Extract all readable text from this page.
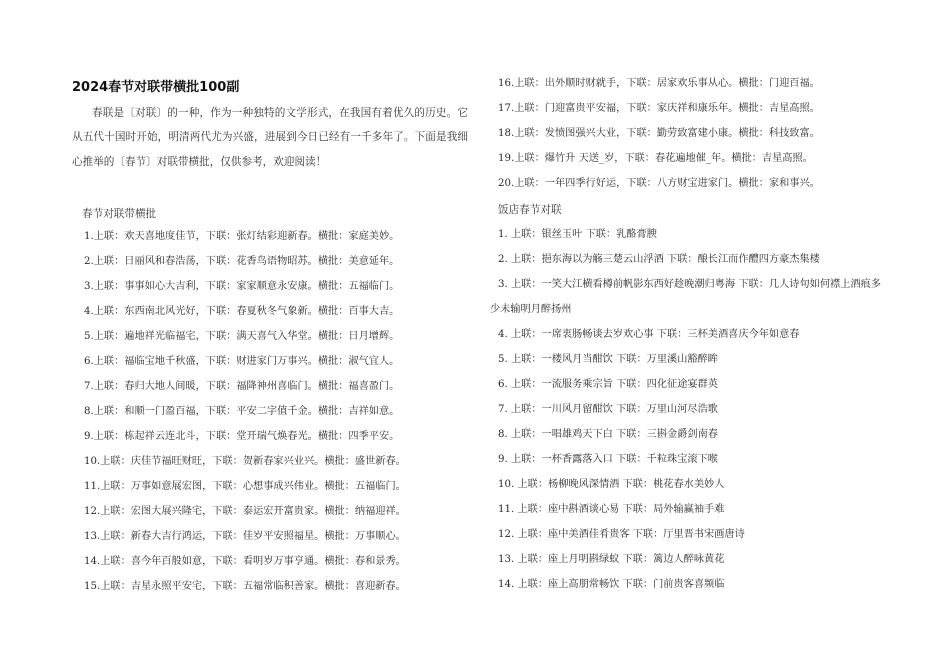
2024春节对联带横批100副
春联是〔对联〕的一种，作为一种独特的文学形式，在我国有着优久的历史。它从五代十国时开始，明清两代尤为兴盛，进展到今日已经有一千多年了。下面是我细心推举的〔春节〕对联带横批，仅供参考，欢迎阅读！
春节对联带横批
1.上联：欢天喜地度佳节，下联：张灯结彩迎新春。横批：家庭美妙。
2.上联：日丽风和春浩荡，下联：花香鸟语物昭苏。横批：美意延年。
3.上联：事事如心大吉利，下联：家家顺意永安康。横批：五福临门。
4.上联：东西南北风光好，下联：春夏秋冬气象新。横批：百事大吉。
5.上联：遍地祥光临福宅，下联：满天喜气入华堂。横批：日月增辉。
6.上联：福临宝地千秋盛，下联：财进家门万事兴。横批：淑气宜人。
7.上联：春归大地人间暖，下联：福降神州喜临门。横批：福喜盈门。
8.上联：和顺一门盈百福，下联：平安二字值千金。横批：吉祥如意。
9.上联：栋起祥云连北斗，下联：堂开瑞气焕春光。横批：四季平安。
10.上联：庆佳节福旺财旺，下联：贺新春家兴业兴。横批：盛世新春。
11.上联：万事如意展宏图，下联：心想事成兴伟业。横批：五福临门。
12.上联：宏图大展兴隆宅，下联：泰运宏开富贵家。横批：纳福迎祥。
13.上联：新春大吉行鸿运，下联：佳岁平安照福星。横批：万事顺心。
14.上联：喜今年百般如意，下联：看明岁万事亨通。横批：春和景秀。
15.上联：吉星永照平安宅，下联：五福常临积善家。横批：喜迎新春。
16.上联：出外顺时财就手，下联：居家欢乐事从心。横批：门迎百福。
17.上联：门迎富贵平安福，下联：家庆祥和康乐年。横批：吉星高照。
18.上联：发愤图强兴大业，下联：勤劳致富建小康。横批：科技致富。
19.上联：爆竹升 天送_岁，下联：春花遍地催_年。横批：吉星高照。
20.上联：一年四季行好运，下联：八方财宝进家门。横批：家和事兴。
饭店春节对联
1. 上联：银丝玉叶 下联：乳酪膏腴
2. 上联：挹东海以为觞三楚云山浮酒 下联：酿长江而作醴四方豪杰集楼
3. 上联：一笑大江横看樽前帆影东西好趁晚潮归粤海 下联：几人诗句如何襟上酒痕多少未输明月醉扬州
4. 上联：一席衷肠畅谈去岁欢心事 下联：三杯美酒喜庆今年如意春
5. 上联：一楼风月当酣饮 下联：万里溪山豁醉眸
6. 上联：一流服务乘宗旨 下联：四化征途宴群英
7. 上联：一川风月留酣饮 下联：万里山河尽浩歌
8. 上联：一唱雄鸡天下白 下联：三斟金爵剑南春
9. 上联：一杯香露落入口 下联：千粒珠宝滚下喉
10. 上联：杨柳晚风深情酒 下联：桃花春水美妙人
11. 上联：座中斟酒谈心易 下联：局外输赢袖手难
12. 上联：座中美酒佳肴贵客 下联：厅里晋书宋画唐诗
13. 上联：座上月明斟绿蚁 下联：篱边人醉咏黄花
14. 上联：座上高朋常畅饮 下联：门前贵客喜频临
